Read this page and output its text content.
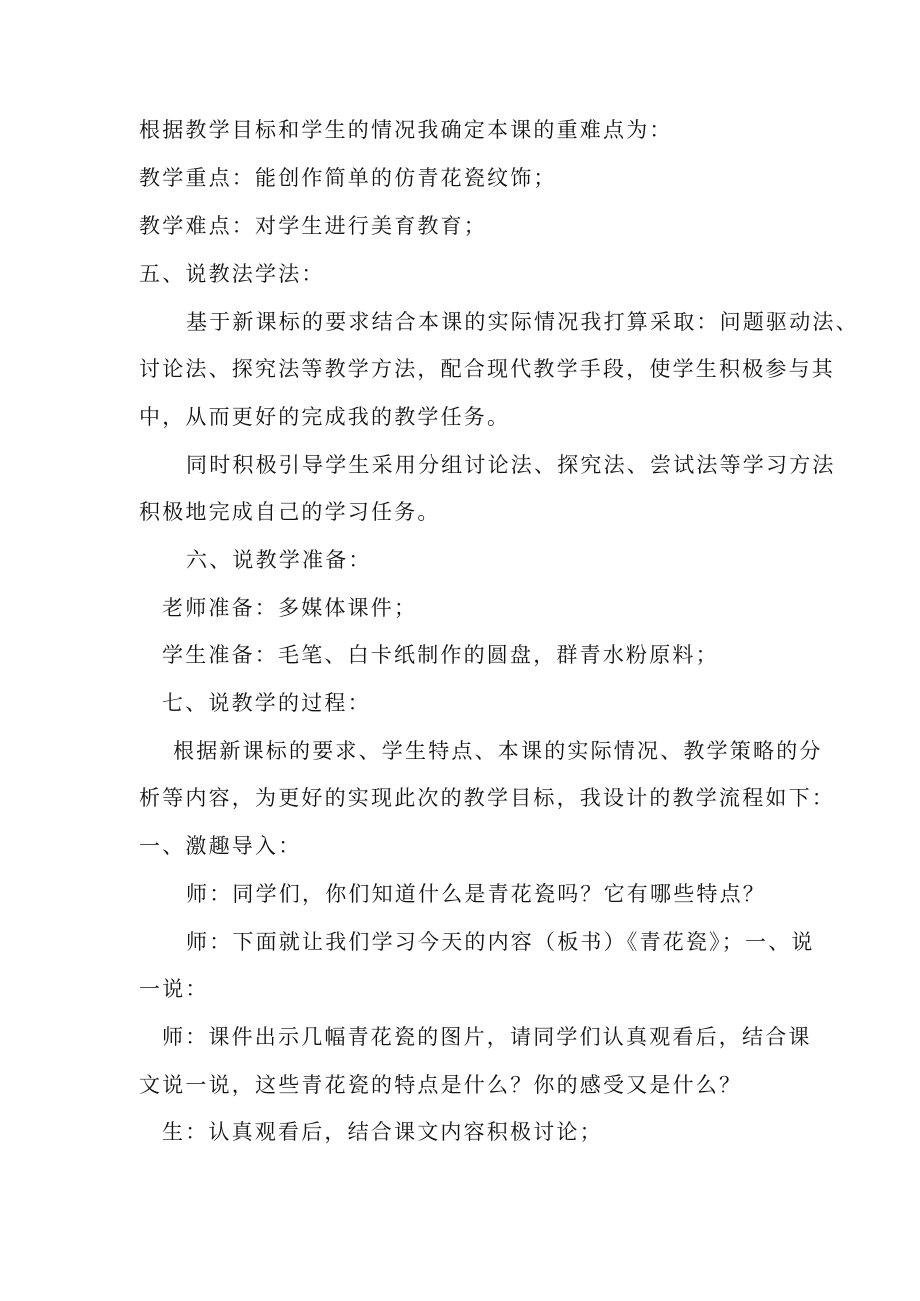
根据教学目标和学生的情况我确定本课的重难点为：
教学重点：能创作简单的仿青花瓷纹饰；
教学难点：对学生进行美育教育；
五、说教法学法：
基于新课标的要求结合本课的实际情况我打算采取：问题驱动法、
讨论法、探究法等教学方法，配合现代教学手段，使学生积极参与其
中，从而更好的完成我的教学任务。
同时积极引导学生采用分组讨论法、探究法、尝试法等学习方法
积极地完成自己的学习任务。
六、说教学准备：
老师准备：多媒体课件；
学生准备：毛笔、白卡纸制作的圆盘，群青水粉原料；
七、说教学的过程：
根据新课标的要求、学生特点、本课的实际情况、教学策略的分
析等内容，为更好的实现此次的教学目标，我设计的教学流程如下：
一、激趣导入：
师：同学们，你们知道什么是青花瓷吗？它有哪些特点？
师：下面就让我们学习今天的内容（板书）《青花瓷》；一、说
一说：
师：课件出示几幅青花瓷的图片，请同学们认真观看后，结合课
文说一说，这些青花瓷的特点是什么？你的感受又是什么？
生：认真观看后，结合课文内容积极讨论；
